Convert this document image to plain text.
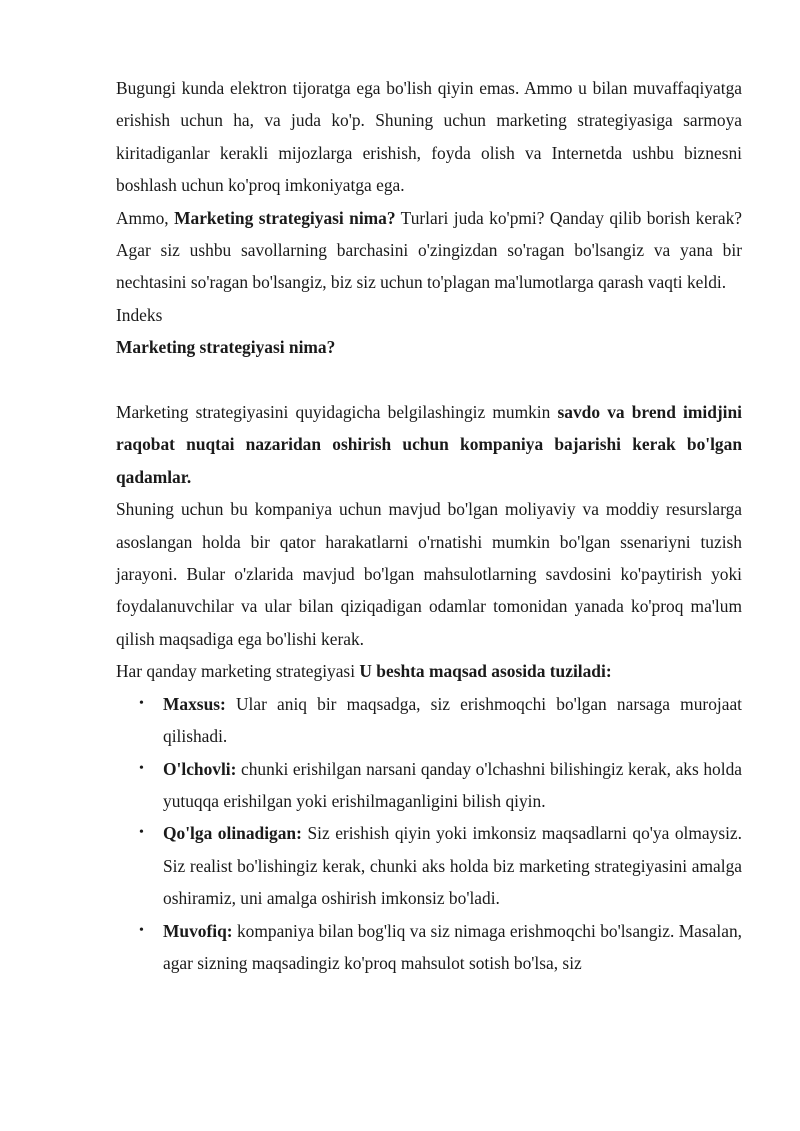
Bugungi kunda elektron tijoratga ega bo'lish qiyin emas. Ammo u bilan muvaffaqiyatga erishish uchun ha, va juda ko'p. Shuning uchun marketing strategiyasiga sarmoya kiritadiganlar kerakli mijozlarga erishish, foyda olish va Internetda ushbu biznesni boshlash uchun ko'proq imkoniyatga ega.

Ammo, Marketing strategiyasi nima? Turlari juda ko'pmi? Qanday qilib borish kerak? Agar siz ushbu savollarning barchasini o'zingizdan so'ragan bo'lsangiz va yana bir nechtasini so'ragan bo'lsangiz, biz siz uchun to'plagan ma'lumotlarga qarash vaqti keldi.

Indeks

Marketing strategiyasi nima?

Marketing strategiyasini quyidagicha belgilashingiz mumkin savdo va brend imidjini raqobat nuqtai nazaridan oshirish uchun kompaniya bajarishi kerak bo'lgan qadamlar.

Shuning uchun bu kompaniya uchun mavjud bo'lgan moliyaviy va moddiy resurslarga asoslangan holda bir qator harakatlarni o'rnatishi mumkin bo'lgan ssenariyni tuzish jarayoni. Bular o'zlarida mavjud bo'lgan mahsulotlarning savdosini ko'paytirish yoki foydalanuvchilar va ular bilan qiziqadigan odamlar tomonidan yanada ko'proq ma'lum qilish maqsadiga ega bo'lishi kerak.

Har qanday marketing strategiyasi U beshta maqsad asosida tuziladi:

• Maxsus: Ular aniq bir maqsadga, siz erishmoqchi bo'lgan narsaga murojaat qilishadi.
• O'lchovli: chunki erishilgan narsani qanday o'lchashni bilishingiz kerak, aks holda yutuqqa erishilgan yoki erishilmaganligini bilish qiyin.
• Qo'lga olinadigan: Siz erishish qiyin yoki imkonsiz maqsadlarni qo'ya olmaysiz. Siz realist bo'lishingiz kerak, chunki aks holda biz marketing strategiyasini amalga oshiramiz, uni amalga oshirish imkonsiz bo'ladi.
• Muvofiq: kompaniya bilan bog'liq va siz nimaga erishmoqchi bo'lsangiz. Masalan, agar sizning maqsadingiz ko'proq mahsulot sotish bo'lsa, siz
